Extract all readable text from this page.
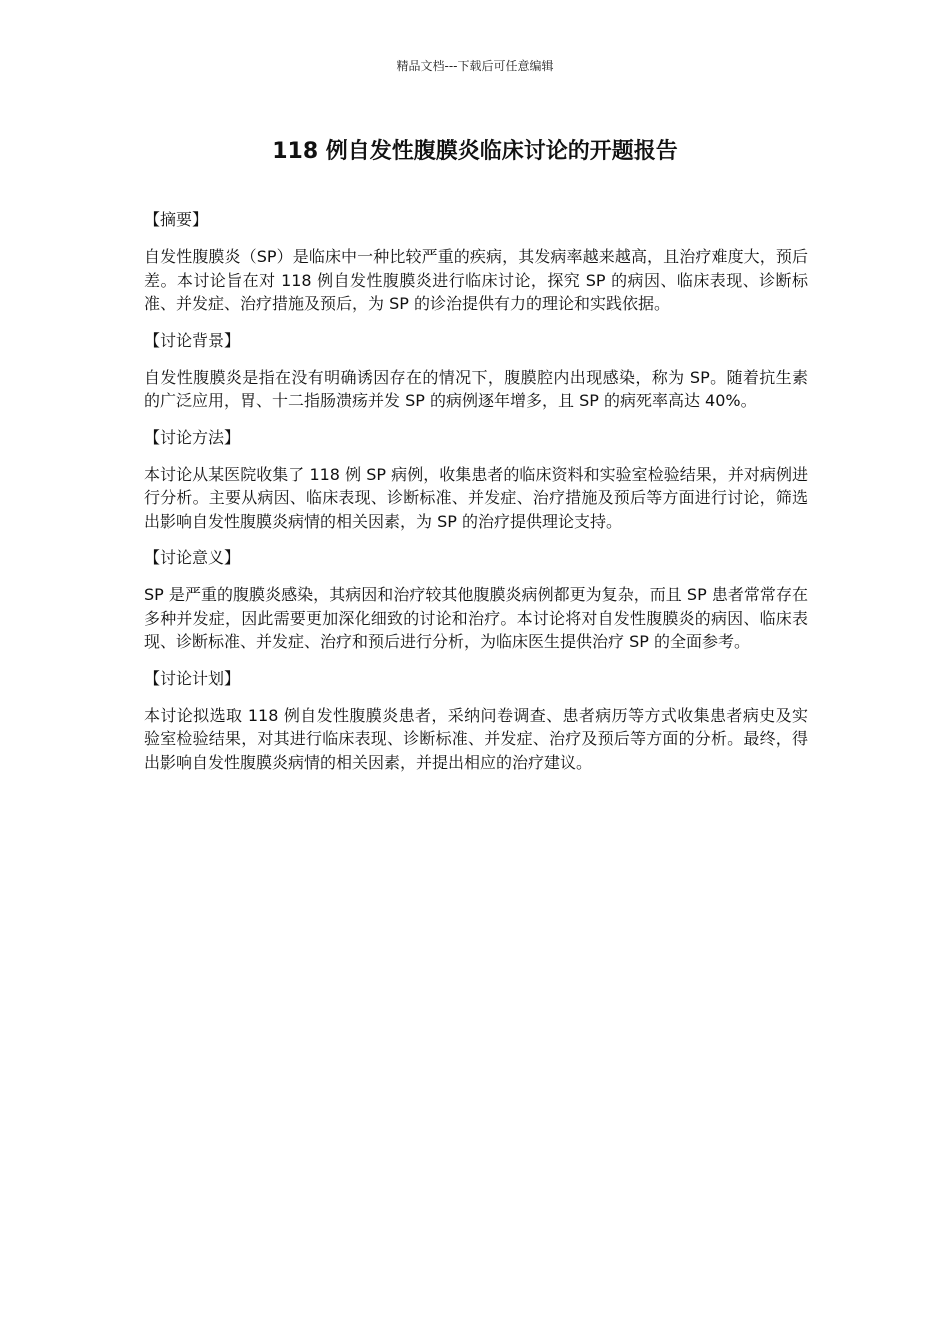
精品文档---下载后可任意编辑
118 例自发性腹膜炎临床讨论的开题报告

【摘要】

自发性腹膜炎（SP）是临床中一种比较严重的疾病，其发病率越来越高，且治疗难度大，预后差。本讨论旨在对 118 例自发性腹膜炎进行临床讨论，探究 SP 的病因、临床表现、诊断标准、并发症、治疗措施及预后，为 SP 的诊治提供有力的理论和实践依据。

【讨论背景】

自发性腹膜炎是指在没有明确诱因存在的情况下，腹膜腔内出现感染，称为 SP。随着抗生素的广泛应用，胃、十二指肠溃疡并发 SP 的病例逐年增多，且 SP 的病死率高达 40%。

【讨论方法】

本讨论从某医院收集了 118 例 SP 病例，收集患者的临床资料和实验室检验结果，并对病例进行分析。主要从病因、临床表现、诊断标准、并发症、治疗措施及预后等方面进行讨论，筛选出影响自发性腹膜炎病情的相关因素，为 SP 的治疗提供理论支持。

【讨论意义】

SP 是严重的腹膜炎感染，其病因和治疗较其他腹膜炎病例都更为复杂，而且 SP 患者常常存在多种并发症，因此需要更加深化细致的讨论和治疗。本讨论将对自发性腹膜炎的病因、临床表现、诊断标准、并发症、治疗和预后进行分析，为临床医生提供治疗 SP 的全面参考。

【讨论计划】

本讨论拟选取 118 例自发性腹膜炎患者，采纳问卷调查、患者病历等方式收集患者病史及实验室检验结果，对其进行临床表现、诊断标准、并发症、治疗及预后等方面的分析。最终，得出影响自发性腹膜炎病情的相关因素，并提出相应的治疗建议。
